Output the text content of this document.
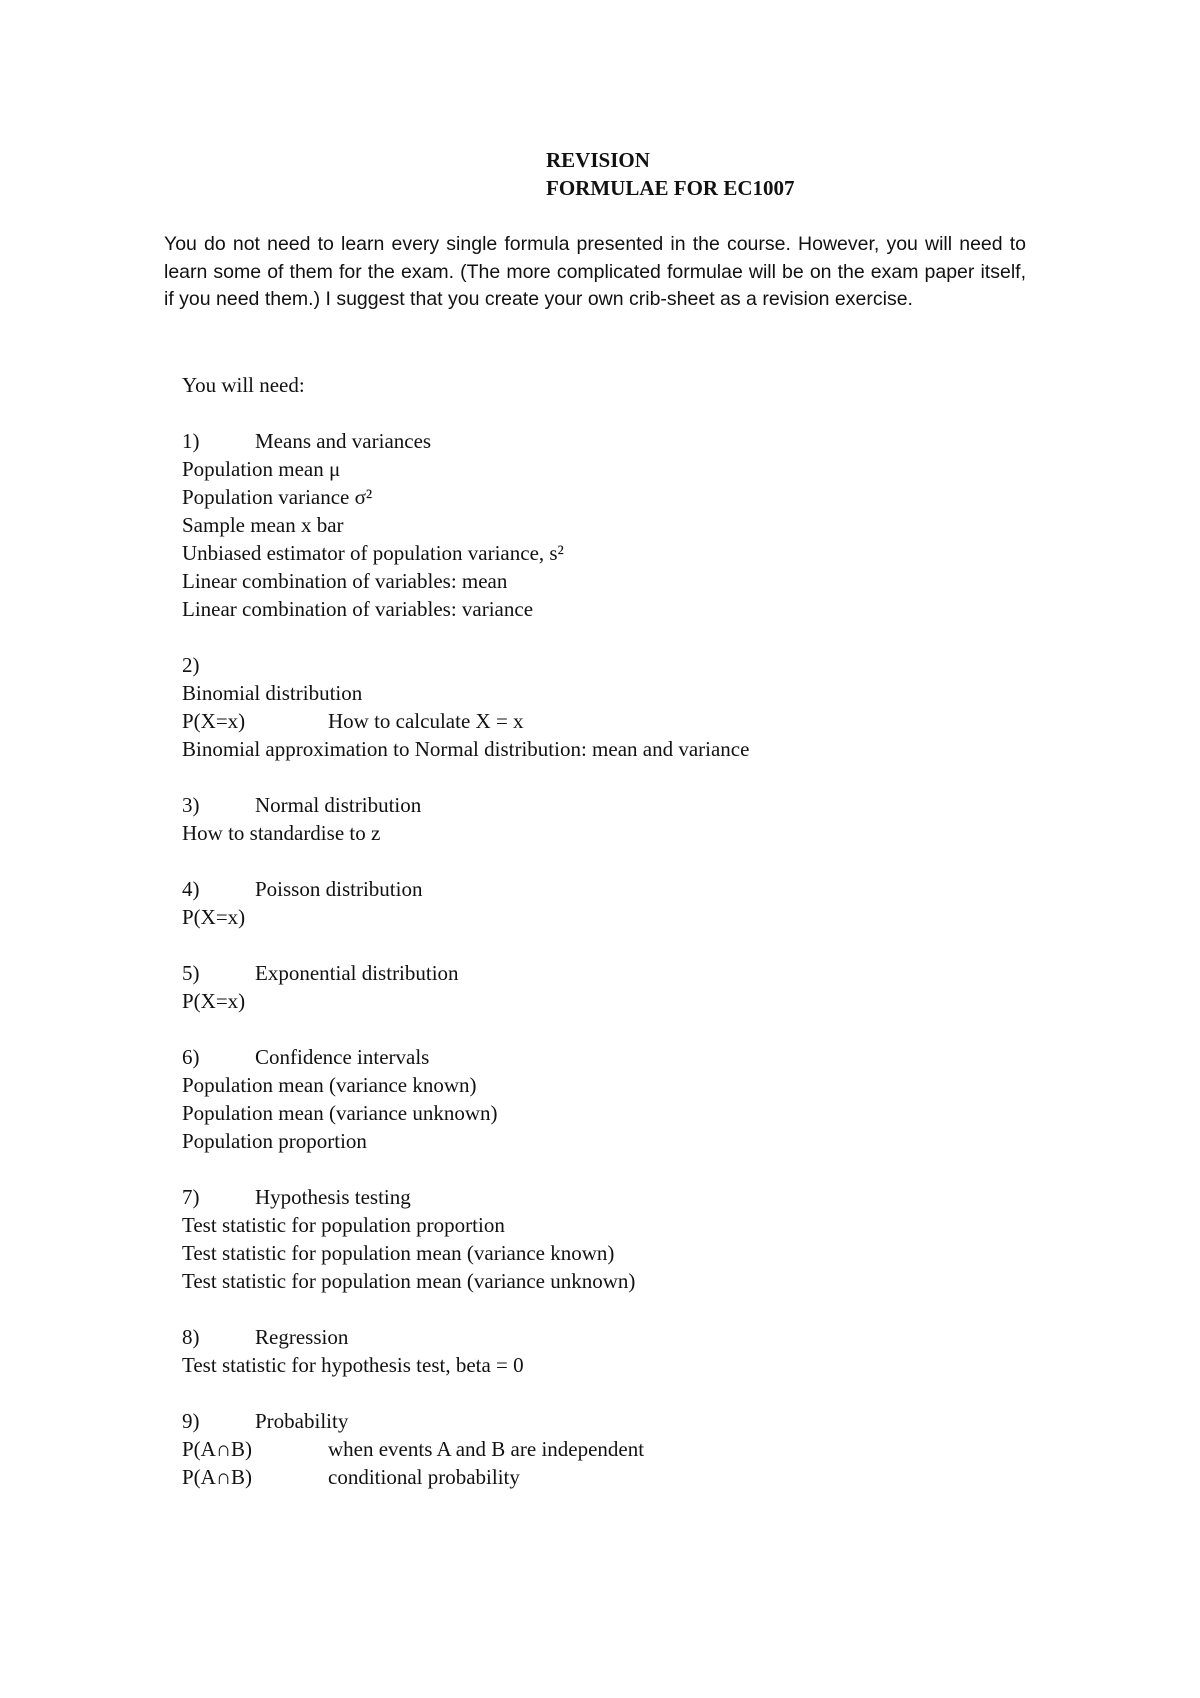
REVISION
FORMULAE FOR EC1007
You do not need to learn every single formula presented in the course. However, you will need to learn some of them for the exam. (The more complicated formulae will be on the exam paper itself, if you need them.) I suggest that you create your own crib-sheet as a revision exercise.
You will need:
1)	Means and variances
Population mean μ
Population variance σ²
Sample mean x bar
Unbiased estimator of population variance, s²
Linear combination of variables: mean
Linear combination of variables: variance
2)
Binomial distribution
P(X=x)	How to calculate X = x
Binomial approximation to Normal distribution: mean and variance
3)	Normal distribution
How to standardise to z
4)	Poisson distribution
P(X=x)
5)	Exponential distribution
P(X=x)
6)	Confidence intervals
Population mean (variance known)
Population mean (variance unknown)
Population proportion
7)	Hypothesis testing
Test statistic for population proportion
Test statistic for population mean (variance known)
Test statistic for population mean (variance unknown)
8)	Regression
Test statistic for hypothesis test, beta = 0
9)	Probability
P(A∩B)	when events A and B are independent
P(A∩B)	conditional probability
